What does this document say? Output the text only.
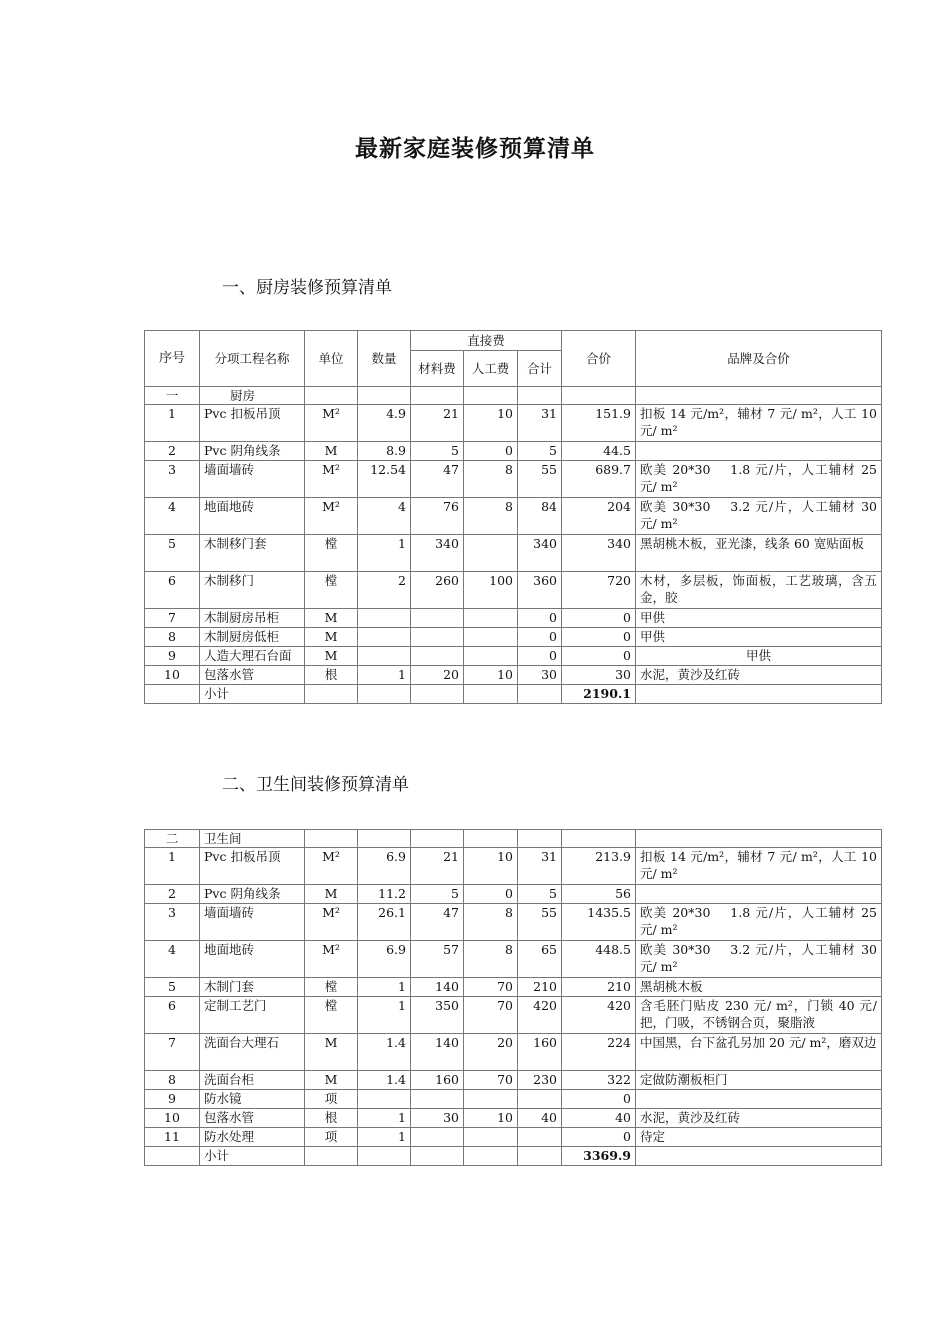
最新家庭装修预算清单
一、厨房装修预算清单
序号	分项工程名称	单位	数量	直接费			合价	品牌及合价
				材料费	人工费	合计		
一	厨房							
1	Pvc 扣板吊顶	M²	4.9	21	10	31	151.9	扣板 14 元/m²，辅材 7 元/ m²，人工 10 元/ m²
2	Pvc 阴角线条	M	8.9	5	0	5	44.5	
3	墙面墙砖	M²	12.54	47	8	55	689.7	欧美 20*30　 1.8 元/片，人工辅材 25 元/ m²
4	地面地砖	M²	4	76	8	84	204	欧美 30*30　 3.2 元/片，人工辅材 30 元/ m²
5	木制移门套	樘	1	340		340	340	黑胡桃木板，亚光漆，线条 60 宽贴面板
6	木制移门	樘	2	260	100	360	720	木材，多层板，饰面板，工艺玻璃，含五金，胶
7	木制厨房吊柜	M				0	0	甲供
8	木制厨房低柜	M				0	0	甲供
9	人造大理石台面	M				0	0	甲供
10	包落水管	根	1	20	10	30	30	水泥，黄沙及红砖
	小计						2190.1	
二、卫生间装修预算清单
二	卫生间							
1	Pvc 扣板吊顶	M²	6.9	21	10	31	213.9	扣板 14 元/m²，辅材 7 元/ m²，人工 10 元/ m²
2	Pvc 阴角线条	M	11.2	5	0	5	56	
3	墙面墙砖	M²	26.1	47	8	55	1435.5	欧美 20*30　 1.8 元/片，人工辅材 25 元/ m²
4	地面地砖	M²	6.9	57	8	65	448.5	欧美 30*30　 3.2 元/片，人工辅材 30 元/ m²
5	木制门套	樘	1	140	70	210	210	黑胡桃木板
6	定制工艺门	樘	1	350	70	420	420	含毛胚门贴皮 230 元/ m²，门锁 40 元/把，门吸，不锈钢合页，聚脂液
7	洗面台大理石	M	1.4	140	20	160	224	中国黑，台下盆孔另加 20 元/ m²，磨双边
8	洗面台柜	M	1.4	160	70	230	322	定做防潮板柜门
9	防水镜	项					0	
10	包落水管	根	1	30	10	40	40	水泥，黄沙及红砖
11	防水处理	项	1				0	待定
	小计						3369.9	
